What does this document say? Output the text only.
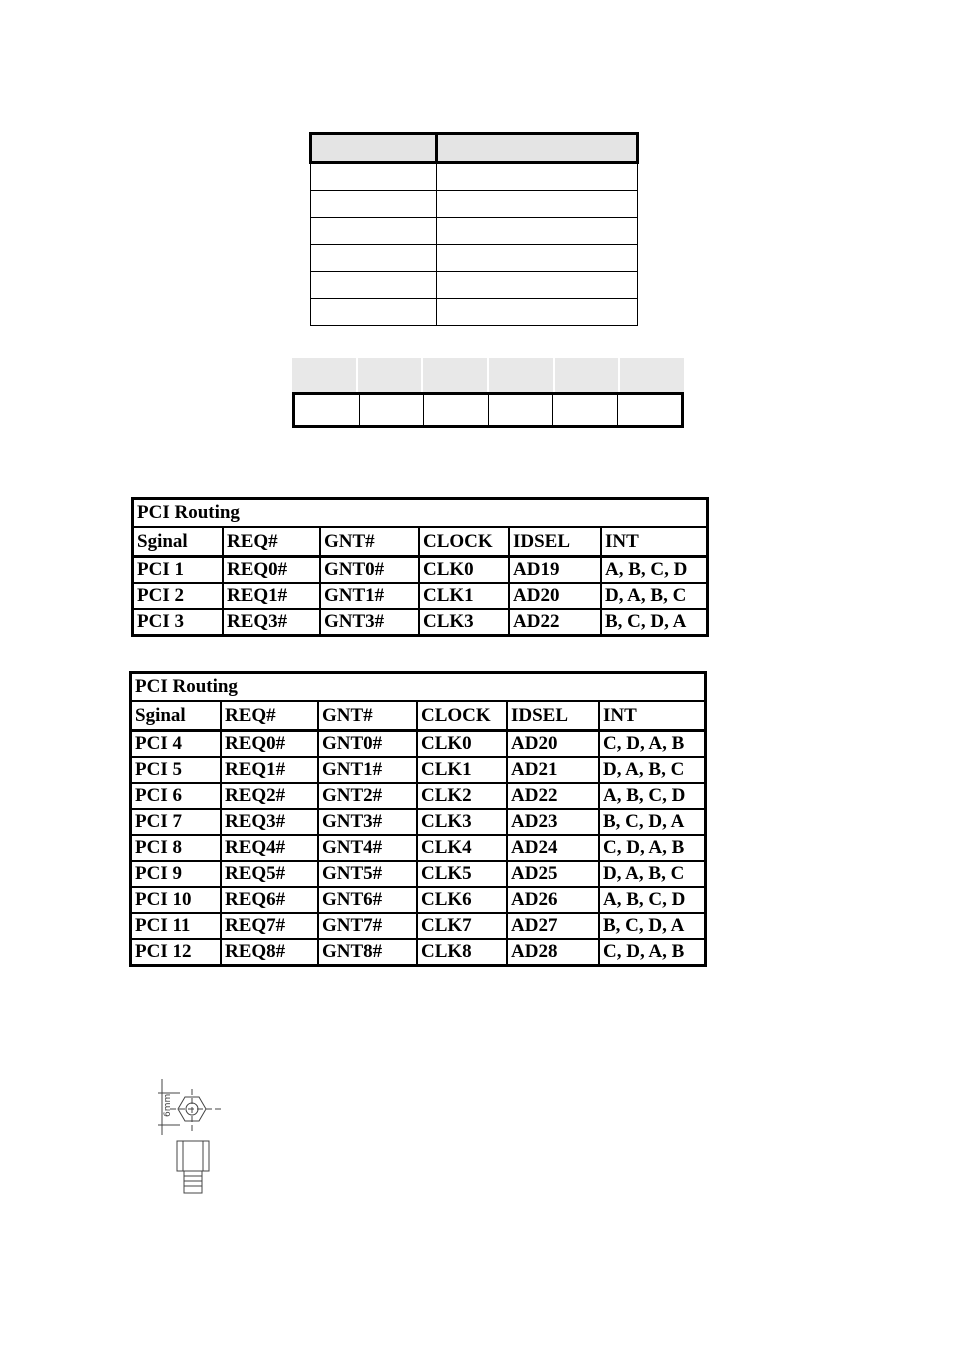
PCI Routing					
Sginal	REQ#	GNT#	CLOCK	IDSEL	INT
PCI 1	REQ0#	GNT0#	CLK0	AD19	A, B, C, D
PCI 2	REQ1#	GNT1#	CLK1	AD20	D, A, B, C
PCI 3	REQ3#	GNT3#	CLK3	AD22	B, C, D, A
PCI Routing					
Sginal	REQ#	GNT#	CLOCK	IDSEL	INT
PCI 4	REQ0#	GNT0#	CLK0	AD20	C, D, A, B
PCI 5	REQ1#	GNT1#	CLK1	AD21	D, A, B, C
PCI 6	REQ2#	GNT2#	CLK2	AD22	A, B, C, D
PCI 7	REQ3#	GNT3#	CLK3	AD23	B, C, D, A
PCI 8	REQ4#	GNT4#	CLK4	AD24	C, D, A, B
PCI 9	REQ5#	GNT5#	CLK5	AD25	D, A, B, C
PCI 10	REQ6#	GNT6#	CLK6	AD26	A, B, C, D
PCI 11	REQ7#	GNT7#	CLK7	AD27	B, C, D, A
PCI 12	REQ8#	GNT8#	CLK8	AD28	C, D, A, B
6mm
